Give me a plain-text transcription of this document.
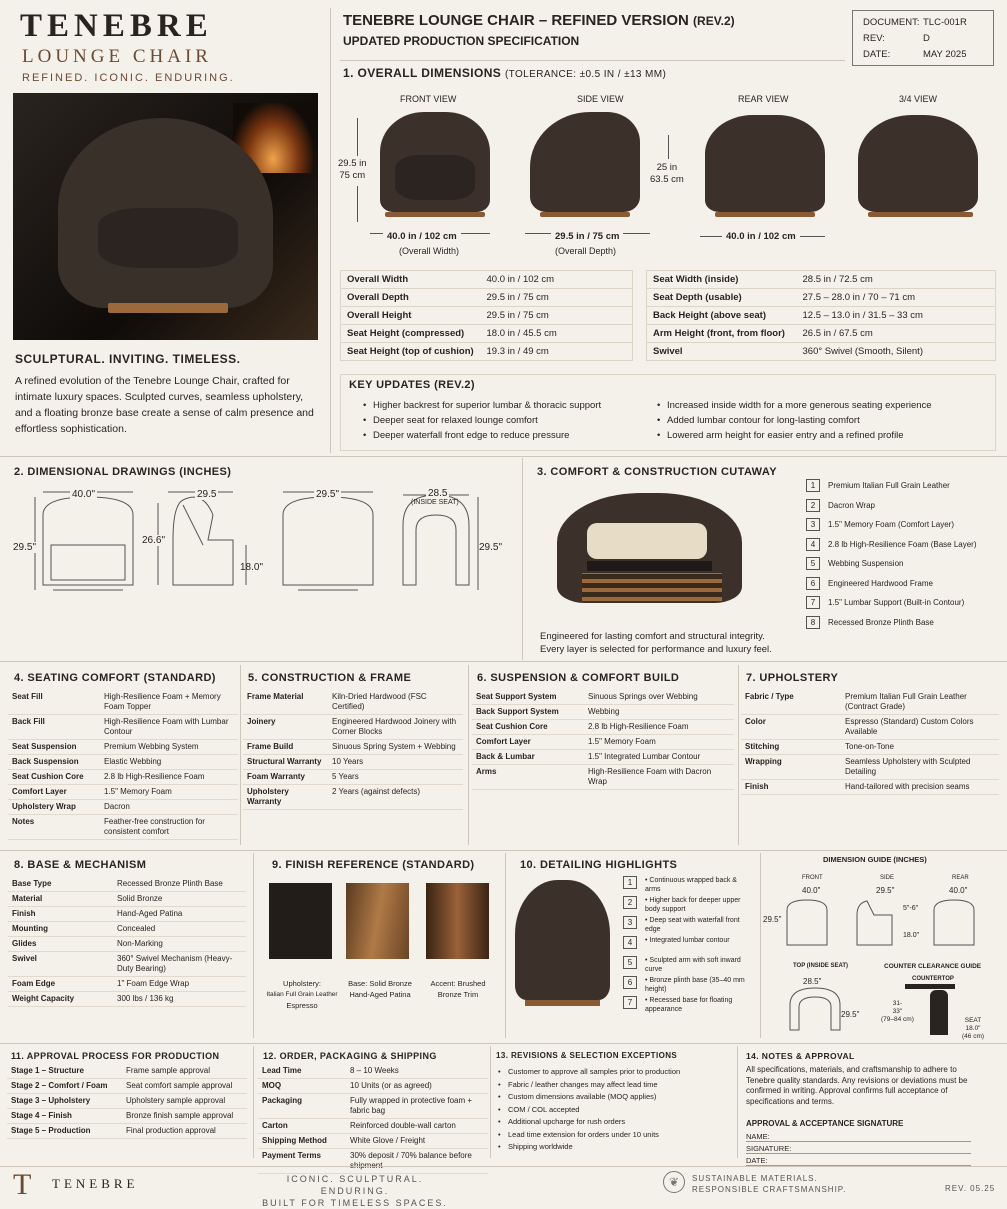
TENEBRE
LOUNGE CHAIR
REFINED. ICONIC. ENDURING.
SCULPTURAL. INVITING. TIMELESS.
A refined evolution of the Tenebre Lounge Chair, crafted for intimate luxury spaces. Sculpted curves, seamless upholstery, and a floating bronze base create a sense of calm presence and effortless sophistication.
TENEBRE LOUNGE CHAIR – REFINED VERSION (REV.2)
UPDATED PRODUCTION SPECIFICATION
DOCUMENT: TLC-001R
REV:	D
DATE:	MAY 2025
1. OVERALL DIMENSIONS (TOLERANCE: ±0.5 IN / ±13 MM)
FRONT VIEW	SIDE VIEW	REAR VIEW	3/4 VIEW
29.5 in
75 cm
40.0 in / 102 cm
(Overall Width)
29.5 in / 75 cm
(Overall Depth)
25 in
63.5 cm
40.0 in / 102 cm
Overall Width	40.0 in / 102 cm
Overall Depth	29.5 in / 75 cm
Overall Height	29.5 in / 75 cm
Seat Height (compressed)	18.0 in / 45.5 cm
Seat Height (top of cushion)	19.3 in / 49 cm
Seat Width (inside)	28.5 in / 72.5 cm
Seat Depth (usable)	27.5 – 28.0 in / 70 – 71 cm
Back Height (above seat)	12.5 – 13.0 in / 31.5 – 33 cm
Arm Height (front, from floor)	26.5 in / 67.5 cm
Swivel	360° Swivel (Smooth, Silent)
KEY UPDATES (REV.2)
• Higher backrest for superior lumbar & thoracic support
• Deeper seat for relaxed lounge comfort
• Deeper waterfall front edge to reduce pressure
• Increased inside width for a more generous seating experience
• Added lumbar contour for long-lasting comfort
• Lowered arm height for easier entry and a refined profile
2. DIMENSIONAL DRAWINGS (INCHES)
40.0"	29.5	29.5"	28.5
(INSIDE SEAT)
29.5"
26.6"
18.0"
29.5"
3. COMFORT & CONSTRUCTION CUTAWAY
1 Premium Italian Full Grain Leather
2 Dacron Wrap
3 1.5" Memory Foam (Comfort Layer)
4 2.8 lb High-Resilience Foam (Base Layer)
5 Webbing Suspension
6 Engineered Hardwood Frame
7 1.5" Lumbar Support (Built-in Contour)
8 Recessed Bronze Plinth Base
Engineered for lasting comfort and structural integrity.
Every layer is selected for performance and luxury feel.
4. SEATING COMFORT (STANDARD)
Seat Fill	High-Resilience Foam + Memory Foam Topper
Back Fill	High-Resilience Foam with Lumbar Contour
Seat Suspension	Premium Webbing System
Back Suspension	Elastic Webbing
Seat Cushion Core	2.8 lb High-Resilience Foam
Comfort Layer	1.5" Memory Foam
Upholstery Wrap	Dacron
Notes	Feather-free construction for consistent comfort
5. CONSTRUCTION & FRAME
Frame Material	Kiln-Dried Hardwood (FSC Certified)
Joinery	Engineered Hardwood Joinery with Corner Blocks
Frame Build	Sinuous Spring System + Webbing
Structural Warranty	10 Years
Foam Warranty	5 Years
Upholstery Warranty	2 Years (against defects)
6. SUSPENSION & COMFORT BUILD
Seat Support System	Sinuous Springs over Webbing
Back Support System	Webbing
Seat Cushion Core	2.8 lb High-Resilience Foam
Comfort Layer	1.5" Memory Foam
Back & Lumbar	1.5" Integrated Lumbar Contour
Arms	High-Resilience Foam with Dacron Wrap
7. UPHOLSTERY
Fabric / Type	Premium Italian Full Grain Leather (Contract Grade)
Color	Espresso (Standard) Custom Colors Available
Stitching	Tone-on-Tone
Wrapping	Seamless Upholstery with Sculpted Detailing
Finish	Hand-tailored with precision seams
8. BASE & MECHANISM
Base Type	Recessed Bronze Plinth Base
Material	Solid Bronze
Finish	Hand-Aged Patina
Mounting	Concealed
Glides	Non-Marking
Swivel	360° Swivel Mechanism (Heavy-Duty Bearing)
Foam Edge	1" Foam Edge Wrap
Weight Capacity	300 lbs / 136 kg
9. FINISH REFERENCE (STANDARD)
Upholstery:
Italian Full Grain Leather
Espresso
Base: Solid Bronze
Hand-Aged Patina
Accent: Brushed
Bronze Trim
10. DETAILING HIGHLIGHTS
1	• Continuous wrapped back & arms
2	• Higher back for deeper upper body support
3	• Deep seat with waterfall front edge
4	• Integrated lumbar contour
5	• Sculpted arm with soft inward curve
6	• Bronze plinth base (35–40 mm height)
7	• Recessed base for floating appearance
DIMENSION GUIDE (INCHES)
FRONT	SIDE	REAR
40.0"	29.5"	40.0"
29.5"
5"-6"
18.0"
TOP (INSIDE SEAT)
28.5"
29.5"
COUNTER CLEARANCE GUIDE
COUNTERTOP
31-
33"
(79–84 cm)	SEAT
18.0"
(46 cm)
11. APPROVAL PROCESS FOR PRODUCTION
Stage 1 – Structure	Frame sample approval
Stage 2 – Comfort / Foam	Seat comfort sample approval
Stage 3 – Upholstery	Upholstery sample approval
Stage 4 – Finish	Bronze finish sample approval
Stage 5 – Production	Final production approval
12. ORDER, PACKAGING & SHIPPING
Lead Time	8 – 10 Weeks
MOQ	10 Units (or as agreed)
Packaging	Fully wrapped in protective foam + fabric bag
Carton	Reinforced double-wall carton
Shipping Method	White Glove / Freight
Payment Terms	30% deposit / 70% balance before
13. REVISIONS & SELECTION EXCEPTIONS
• Customer to approve all samples prior to production
• Fabric / leather changes may affect lead time
• Custom dimensions available (MOQ applies)
• COM / COL accepted
• Additional upcharge for rush orders
• Lead time extension for orders under 10 units
• Shipping worldwide
14. NOTES & APPROVAL
All specifications, materials, and craftsmanship to adhere to Tenebre quality standards. Any revisions or deviations must be confirmed in writing. Approval confirms full acceptance of specifications and terms.
APPROVAL & ACCEPTANCE SIGNATURE
NAME:
SIGNATURE:
DATE:
T TENEBRE	ICONIC. SCULPTURAL. ENDURING.
BUILT FOR TIMELESS SPACES.
❦	SUSTAINABLE MATERIALS.
RESPONSIBLE CRAFTSMANSHIP.	REV. 05.25
